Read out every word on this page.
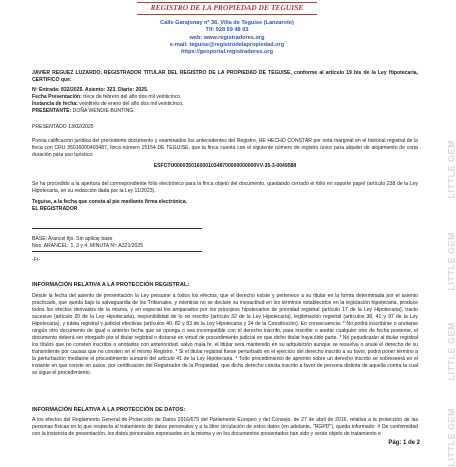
REGISTRO DE LA PROPIEDAD DE TEGUISE
Calle Garajonay nº 36. Villa de Teguise (Lanzarote)
Tlf: 928 59 48 03
web: www.registradores.org
e-mail: teguise@registrodelapropiedad.org
https://geoportal.registradores.org
LITTLE GEM
LITTLE GEM
LITTLE GEM
LITTLE GEM

JAVIER REGUEZ LUZARDO, REGISTRADOR TITULAR DEL REGISTRO DE LA PROPIEDAD DE TEGUISE, conforme al artículo 19 bis de la Ley Hipotecaria, CERTIFICO que:

Nº Entrada: 832/2025. Asiento: 323. Diario: 2025.

Fecha Presentación: trece de febrero del año dos mil veinticinco.

Instancia de fecha: veintitrés de enero del año dos mil veinticinco.

PRESENTANTE: DOÑA WENDIE BUNTING.

PRESENTADO 13/02/2025

Previa calificación jurídica del precedente documento y examinados los antecedentes del Registro, HE HECHO CONSTAR por nota marginal en el historial registral de la finca con CRU 35016000403487, finca número 15154 DE TEGUISE, que la finca cuenta con el siguiente número de registro único para alquiler de alojamiento de corta duración para uso turístico:

ESFCTU00003501600010348700000000000VV-35-3-0049588

Se ha procedido a la apertura del correspondiente folio electrónico para la finca objeto del documento, quedando cerrado el folio en soporte papel (artículo 238 de la Ley Hipotecaria, en su redacción dada por la Ley 11/2023).

Teguise, a la fecha que consta al pie mediante firma electrónica.

EL REGISTRADOR

BASE: Arancel fijo. Sin aplicar base

Nos. ARANCEL: 1, 3 y 4. MINUTA Nº: A321/2025

-Fr-

INFORMACIÓN RELATIVA A LA PROTECCIÓN REGISTRAL:

Desde la fecha del asiento de presentación la Ley presume a todos los efectos, que el derecho existe y pertenece a su titular en la forma determinada por el asiento practicado, que queda bajo la salvaguardia de los Tribunales, y mientras no se declare su inexactitud en los términos establecidos en la legislación hipotecaria, produce todos los efectos derivados de la misma, y en especial los amparados por los principios hipotecarios de prioridad registral (artículo 17 de la Ley Hipotecaria), tracto sucesivo (artículo 20 de la Ley Hipotecaria), inoponibilidad de lo no inscrito (artículo 32 de la Ley Hipotecaria), legitimación registral (artículos 38, 41 y 97 de la Ley Hipotecaria), y tutela registral y judicial efectivas (artículos 40, 82 y 83 de la Ley Hipotecaria y 24 de la Constitución). En consecuencia: * No podrá inscribirse o anotarse ningún otro documento de igual o anterior fecha que se oponga o sea incompatible con el derecho inscrito, para inscribir o anotar cualquier otro de fecha posterior, el documento deberá ser otorgado por el titular registral o dictarse en virtud de procedimiento judicial en que dicho titular haya sido parte. * No perjudicarán al titular registral los títulos que no consten inscritos o anotados con anterioridad; salvo mala fe, el titular será mantenido en su adquisición aunque se resuelva o anule el derecho de su transmitente por causas que no consten en el mismo Registro. * Si el titular registral fuese perturbado en el ejercicio del derecho inscrito a su favor, podrá poner término a la perturbación mediante el procedimiento sumario del artículo 41 de la Ley Hipotecaria. * Todo procedimiento de apremio sobre un derecho inscrito se sobreseerá en el instante en que conste en autos, por certificación del Registrador de la Propiedad, que dicho derecho consta inscrito a favor de persona distinta de aquella contra la cual se sigue el procedimiento.

INFORMACIÓN RELATIVA A LA PROTECCIÓN DE DATOS:

A los efectos del Reglamento General de Protección de Datos 2016/679 del Parlamento Europeo y del Consejo, de 27 de abril de 2016, relativa a la protección de las personas físicas en lo que respecta al tratamiento de datos personales y a la libre circulación de estos datos (en adelante, "RGPD"), queda informado: # De conformidad con la instancia de presentación, los datos personales expresados en la misma y en los documentos presentados han sido y serán objeto de tratamiento e

Pág: 1 de 2
